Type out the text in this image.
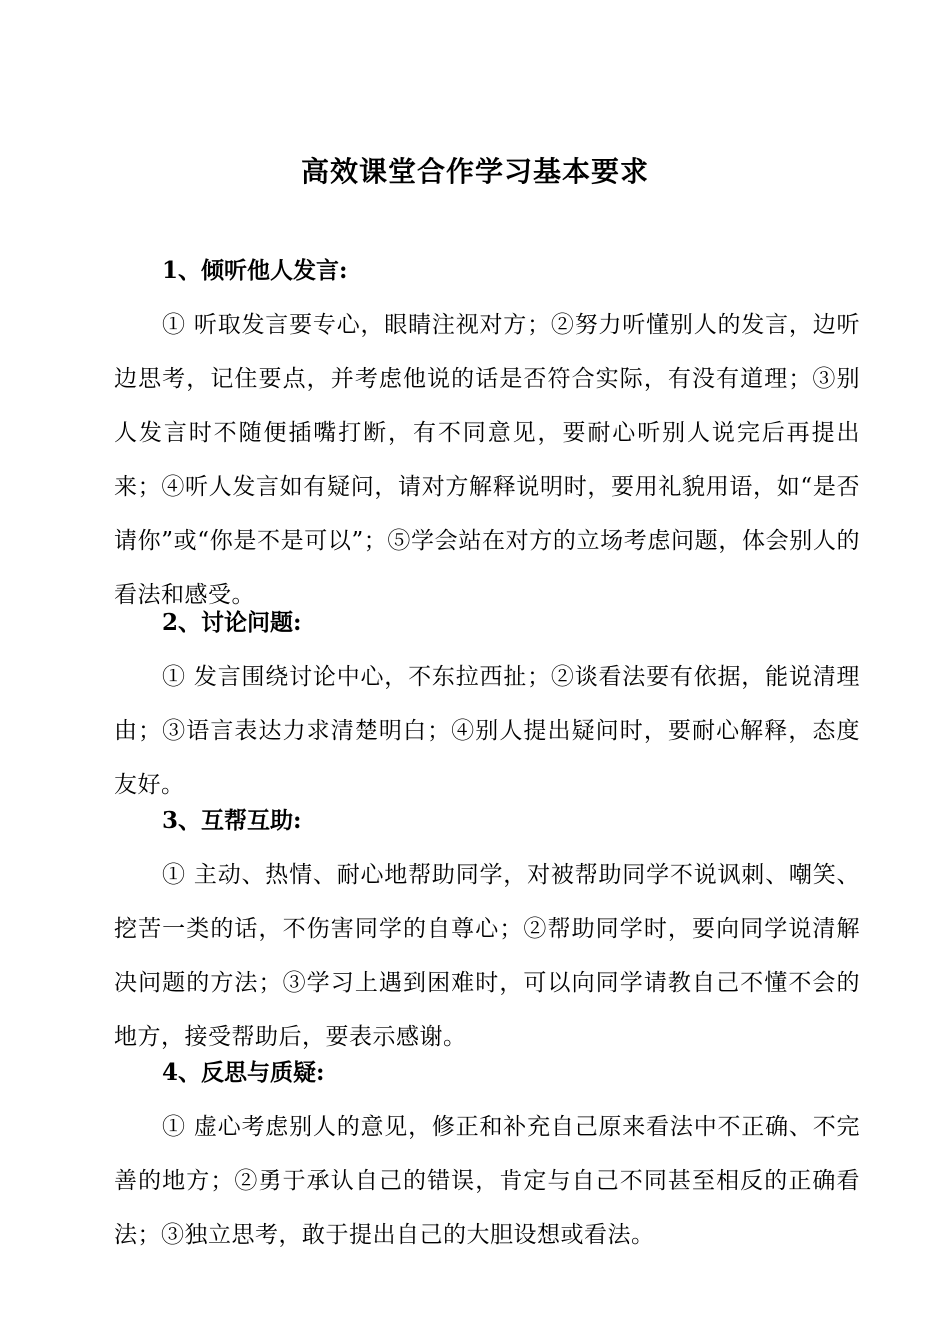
高效课堂合作学习基本要求

1、倾听他人发言:

① 听取发言要专心，眼睛注视对方；②努力听懂别人的发言，边听边思考，记住要点，并考虑他说的话是否符合实际，有没有道理；③别人发言时不随便插嘴打断，有不同意见，要耐心听别人说完后再提出来；④听人发言如有疑问，请对方解释说明时，要用礼貌用语，如“是否请你”或“你是不是可以”；⑤学会站在对方的立场考虑问题，体会别人的看法和感受。

2、讨论问题:

① 发言围绕讨论中心，不东拉西扯；②谈看法要有依据，能说清理由；③语言表达力求清楚明白；④别人提出疑问时，要耐心解释，态度友好。

3、互帮互助:

① 主动、热情、耐心地帮助同学，对被帮助同学不说讽刺、嘲笑、挖苦一类的话，不伤害同学的自尊心；②帮助同学时，要向同学说清解决问题的方法；③学习上遇到困难时，可以向同学请教自己不懂不会的地方，接受帮助后，要表示感谢。

4、反思与质疑:

① 虚心考虑别人的意见，修正和补充自己原来看法中不正确、不完善的地方；②勇于承认自己的错误，肯定与自己不同甚至相反的正确看法；③独立思考，敢于提出自己的大胆设想或看法。
